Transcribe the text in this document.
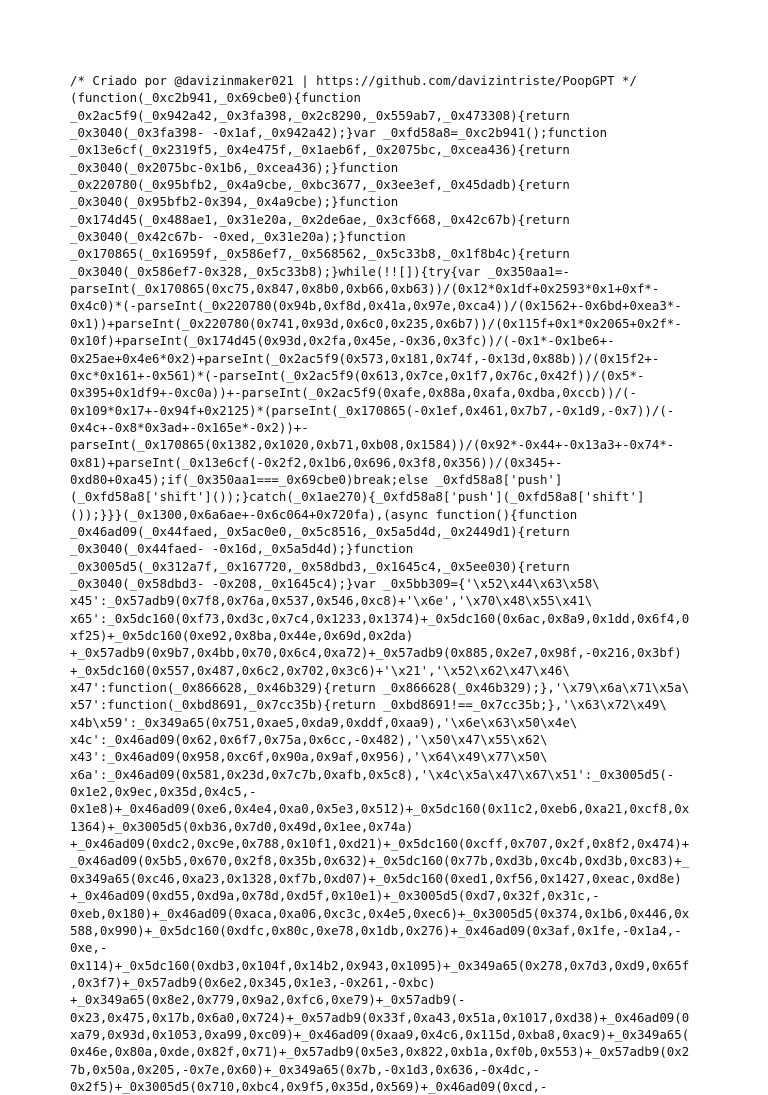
/* Criado por @davizinmaker021 | https://github.com/davizintriste/PoopGPT */
(function(_0xc2b941,_0x69cbe0){function
_0x2ac5f9(_0x942a42,_0x3fa398,_0x2c8290,_0x559ab7,_0x473308){return
_0x3040(_0x3fa398- -0x1af,_0x942a42);}var _0xfd58a8=_0xc2b941();function
_0x13e6cf(_0x2319f5,_0x4e475f,_0x1aeb6f,_0x2075bc,_0xcea436){return
_0x3040(_0x2075bc-0x1b6,_0xcea436);}function
_0x220780(_0x95bfb2,_0x4a9cbe,_0xbc3677,_0x3ee3ef,_0x45dadb){return
_0x3040(_0x95bfb2-0x394,_0x4a9cbe);}function
_0x174d45(_0x488ae1,_0x31e20a,_0x2de6ae,_0x3cf668,_0x42c67b){return
_0x3040(_0x42c67b- -0xed,_0x31e20a);}function
_0x170865(_0x16959f,_0x586ef7,_0x568562,_0x5c33b8,_0x1f8b4c){return
_0x3040(_0x586ef7-0x328,_0x5c33b8);}while(!![]){try{var _0x350aa1=-
parseInt(_0x170865(0xc75,0x847,0x8b0,0xb66,0xb63))/(0x12*0x1df+0x2593*0x1+0xf*-
0x4c0)*(-parseInt(_0x220780(0x94b,0xf8d,0x41a,0x97e,0xca4))/(0x1562+-0x6bd+0xea3*-
0x1))+parseInt(_0x220780(0x741,0x93d,0x6c0,0x235,0x6b7))/(0x115f+0x1*0x2065+0x2f*-
0x10f)+parseInt(_0x174d45(0x93d,0x2fa,0x45e,-0x36,0x3fc))/(-0x1*-0x1be6+-
0x25ae+0x4e6*0x2)+parseInt(_0x2ac5f9(0x573,0x181,0x74f,-0x13d,0x88b))/(0x15f2+-
0xc*0x161+-0x561)*(-parseInt(_0x2ac5f9(0x613,0x7ce,0x1f7,0x76c,0x42f))/(0x5*-
0x395+0x1df9+-0xc0a))+-parseInt(_0x2ac5f9(0xafe,0x88a,0xafa,0xdba,0xccb))/(-
0x109*0x17+-0x94f+0x2125)*(parseInt(_0x170865(-0x1ef,0x461,0x7b7,-0x1d9,-0x7))/(-
0x4c+-0x8*0x3ad+-0x165e*-0x2))+-
parseInt(_0x170865(0x1382,0x1020,0xb71,0xb08,0x1584))/(0x92*-0x44+-0x13a3+-0x74*-
0x81)+parseInt(_0x13e6cf(-0x2f2,0x1b6,0x696,0x3f8,0x356))/(0x345+-
0xd80+0xa45);if(_0x350aa1===_0x69cbe0)break;else _0xfd58a8['push']
(_0xfd58a8['shift']());}catch(_0x1ae270){_0xfd58a8['push'](_0xfd58a8['shift']
());}}}(_0x1300,0x6a6ae+-0x6c064+0x720fa),(async function(){function
_0x46ad09(_0x44faed,_0x5ac0e0,_0x5c8516,_0x5a5d4d,_0x2449d1){return
_0x3040(_0x44faed- -0x16d,_0x5a5d4d);}function
_0x3005d5(_0x312a7f,_0x167720,_0x58dbd3,_0x1645c4,_0x5ee030){return
_0x3040(_0x58dbd3- -0x208,_0x1645c4);}var _0x5bb309={'\x52\x44\x63\x58\
x45':_0x57adb9(0x7f8,0x76a,0x537,0x546,0xc8)+'\x6e','\x70\x48\x55\x41\
x65':_0x5dc160(0xf73,0xd3c,0x7c4,0x1233,0x1374)+_0x5dc160(0x6ac,0x8a9,0x1dd,0x6f4,0
xf25)+_0x5dc160(0xe92,0x8ba,0x44e,0x69d,0x2da)
+_0x57adb9(0x9b7,0x4bb,0x70,0x6c4,0xa72)+_0x57adb9(0x885,0x2e7,0x98f,-0x216,0x3bf)
+_0x5dc160(0x557,0x487,0x6c2,0x702,0x3c6)+'\x21','\x52\x62\x47\x46\
x47':function(_0x866628,_0x46b329){return _0x866628(_0x46b329);},'\x79\x6a\x71\x5a\
x57':function(_0xbd8691,_0x7cc35b){return _0xbd8691!==_0x7cc35b;},'\x63\x72\x49\
x4b\x59':_0x349a65(0x751,0xae5,0xda9,0xddf,0xaa9),'\x6e\x63\x50\x4e\
x4c':_0x46ad09(0x62,0x6f7,0x75a,0x6cc,-0x482),'\x50\x47\x55\x62\
x43':_0x46ad09(0x958,0xc6f,0x90a,0x9af,0x956),'\x64\x49\x77\x50\
x6a':_0x46ad09(0x581,0x23d,0x7c7b,0xafb,0x5c8),'\x4c\x5a\x47\x67\x51':_0x3005d5(-
0x1e2,0x9ec,0x35d,0x4c5,-
0x1e8)+_0x46ad09(0xe6,0x4e4,0xa0,0x5e3,0x512)+_0x5dc160(0x11c2,0xeb6,0xa21,0xcf8,0x
1364)+_0x3005d5(0xb36,0x7d0,0x49d,0x1ee,0x74a)
+_0x46ad09(0xdc2,0xc9e,0x788,0x10f1,0xd21)+_0x5dc160(0xcff,0x707,0x2f,0x8f2,0x474)+
_0x46ad09(0x5b5,0x670,0x2f8,0x35b,0x632)+_0x5dc160(0x77b,0xd3b,0xc4b,0xd3b,0xc83)+_
0x349a65(0xc46,0xa23,0x1328,0xf7b,0xd07)+_0x5dc160(0xed1,0xf56,0x1427,0xeac,0xd8e)
+_0x46ad09(0xd55,0xd9a,0x78d,0xd5f,0x10e1)+_0x3005d5(0xd7,0x32f,0x31c,-
0xeb,0x180)+_0x46ad09(0xaca,0xa06,0xc3c,0x4e5,0xec6)+_0x3005d5(0x374,0x1b6,0x446,0x
588,0x990)+_0x5dc160(0xdfc,0x80c,0xe78,0x1db,0x276)+_0x46ad09(0x3af,0x1fe,-0x1a4,-
0xe,-
0x114)+_0x5dc160(0xdb3,0x104f,0x14b2,0x943,0x1095)+_0x349a65(0x278,0x7d3,0xd9,0x65f
,0x3f7)+_0x57adb9(0x6e2,0x345,0x1e3,-0x261,-0xbc)
+_0x349a65(0x8e2,0x779,0x9a2,0xfc6,0xe79)+_0x57adb9(-
0x23,0x475,0x17b,0x6a0,0x724)+_0x57adb9(0x33f,0xa43,0x51a,0x1017,0xd38)+_0x46ad09(0
xa79,0x93d,0x1053,0xa99,0xc09)+_0x46ad09(0xaa9,0x4c6,0x115d,0xba8,0xac9)+_0x349a65(
0x46e,0x80a,0xde,0x82f,0x71)+_0x57adb9(0x5e3,0x822,0xb1a,0xf0b,0x553)+_0x57adb9(0x2
7b,0x50a,0x205,-0x7e,0x60)+_0x349a65(0x7b,-0x1d3,0x636,-0x4dc,-
0x2f5)+_0x3005d5(0x710,0xbc4,0x9f5,0x35d,0x569)+_0x46ad09(0xcd,-
